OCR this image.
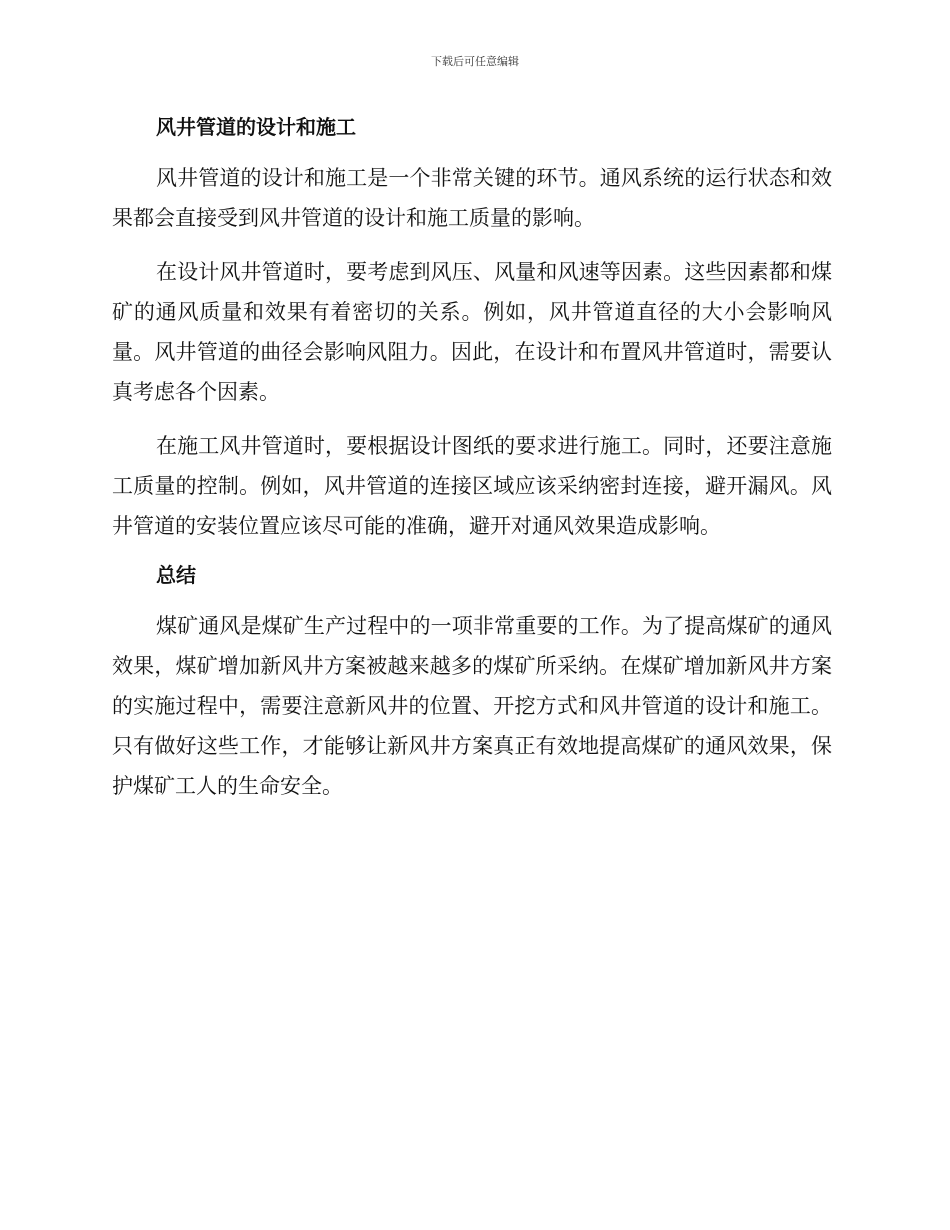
下载后可任意编辑
风井管道的设计和施工

风井管道的设计和施工是一个非常关键的环节。通风系统的运行状态和效果都会直接受到风井管道的设计和施工质量的影响。

在设计风井管道时，要考虑到风压、风量和风速等因素。这些因素都和煤矿的通风质量和效果有着密切的关系。例如，风井管道直径的大小会影响风量。风井管道的曲径会影响风阻力。因此，在设计和布置风井管道时，需要认真考虑各个因素。

在施工风井管道时，要根据设计图纸的要求进行施工。同时，还要注意施工质量的控制。例如，风井管道的连接区域应该采纳密封连接，避开漏风。风井管道的安装位置应该尽可能的准确，避开对通风效果造成影响。

总结

煤矿通风是煤矿生产过程中的一项非常重要的工作。为了提高煤矿的通风效果，煤矿增加新风井方案被越来越多的煤矿所采纳。在煤矿增加新风井方案的实施过程中，需要注意新风井的位置、开挖方式和风井管道的设计和施工。只有做好这些工作，才能够让新风井方案真正有效地提高煤矿的通风效果，保护煤矿工人的生命安全。
